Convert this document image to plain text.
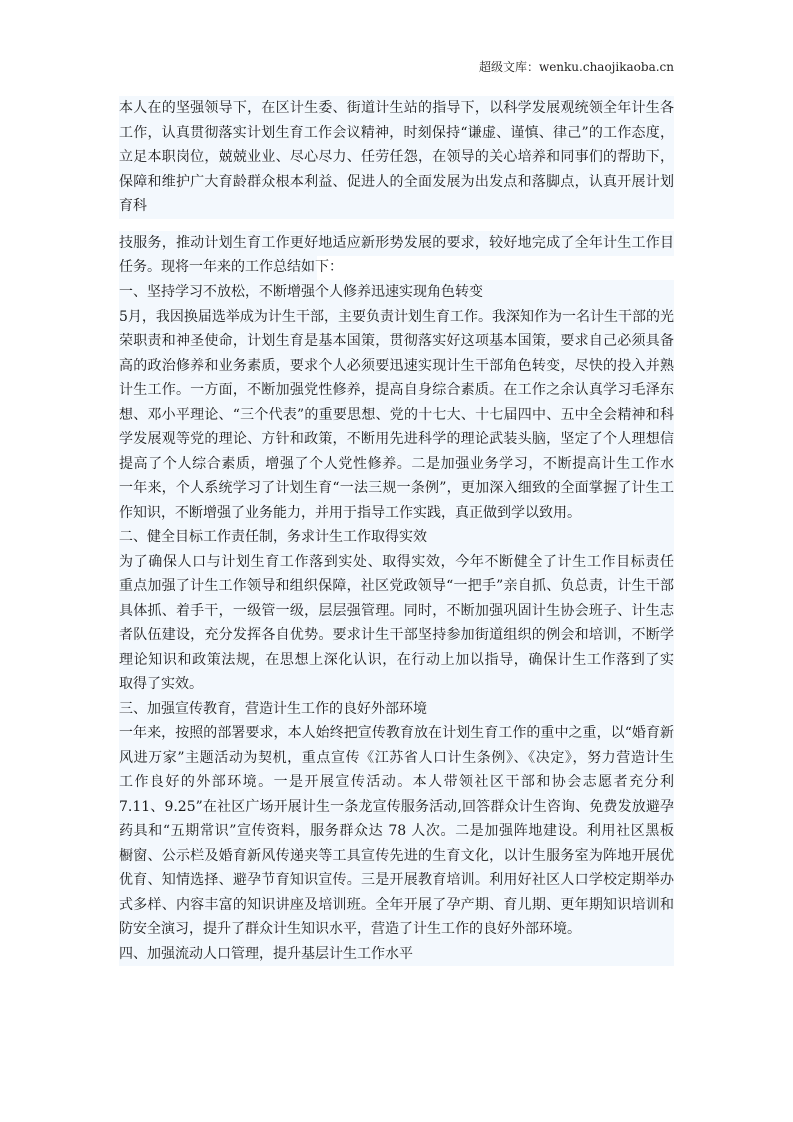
超级文库：wenku.chaojikaoba.cn
本人在的坚强领导下，在区计生委、街道计生站的指导下，以科学发展观统领全年计生各
工作，认真贯彻落实计划生育工作会议精神，时刻保持“谦虚、谨慎、律己”的工作态度，
立足本职岗位，兢兢业业、尽心尽力、任劳任怨，在领导的关心培养和同事们的帮助下，
保障和维护广大育龄群众根本利益、促进人的全面发展为出发点和落脚点，认真开展计划
育科
技服务，推动计划生育工作更好地适应新形势发展的要求，较好地完成了全年计生工作目
任务。现将一年来的工作总结如下：
一、坚持学习不放松，不断增强个人修养迅速实现角色转变
5月，我因换届选举成为计生干部，主要负责计划生育工作。我深知作为一名计生干部的光
荣职责和神圣使命，计划生育是基本国策，贯彻落实好这项基本国策，要求自己必须具备
高的政治修养和业务素质，要求个人必须要迅速实现计生干部角色转变，尽快的投入并熟
计生工作。一方面，不断加强党性修养，提高自身综合素质。在工作之余认真学习毛泽东
想、邓小平理论、“三个代表”的重要思想、党的十七大、十七届四中、五中全会精神和科
学发展观等党的理论、方针和政策，不断用先进科学的理论武装头脑，坚定了个人理想信
提高了个人综合素质，增强了个人党性修养。二是加强业务学习，不断提高计生工作水
一年来，个人系统学习了计划生育“一法三规一条例”，更加深入细致的全面掌握了计生工
作知识，不断增强了业务能力，并用于指导工作实践，真正做到学以致用。
二、健全目标工作责任制，务求计生工作取得实效
为了确保人口与计划生育工作落到实处、取得实效，今年不断健全了计生工作目标责任
重点加强了计生工作领导和组织保障，社区党政领导“一把手”亲自抓、负总责，计生干部
具体抓、着手干，一级管一级，层层强管理。同时，不断加强巩固计生协会班子、计生志
者队伍建设，充分发挥各自优势。要求计生干部坚持参加街道组织的例会和培训，不断学
理论知识和政策法规，在思想上深化认识，在行动上加以指导，确保计生工作落到了实
取得了实效。
三、加强宣传教育，营造计生工作的良好外部环境
一年来，按照的部署要求，本人始终把宣传教育放在计划生育工作的重中之重，以“婚育新
风进万家”主题活动为契机，重点宣传《江苏省人口计生条例》、《决定》，努力营造计生
工作良好的外部环境。一是开展宣传活动。本人带领社区干部和协会志愿者充分利
7.11、9.25”在社区广场开展计生一条龙宣传服务活动,回答群众计生咨询、免费发放避孕
药具和“五期常识”宣传资料，服务群众达 78 人次。二是加强阵地建设。利用社区黑板
橱窗、公示栏及婚育新风传递夹等工具宣传先进的生育文化，以计生服务室为阵地开展优
优育、知情选择、避孕节育知识宣传。三是开展教育培训。利用好社区人口学校定期举办
式多样、内容丰富的知识讲座及培训班。全年开展了孕产期、育儿期、更年期知识培训和
防安全演习，提升了群众计生知识水平，营造了计生工作的良好外部环境。
四、加强流动人口管理，提升基层计生工作水平
